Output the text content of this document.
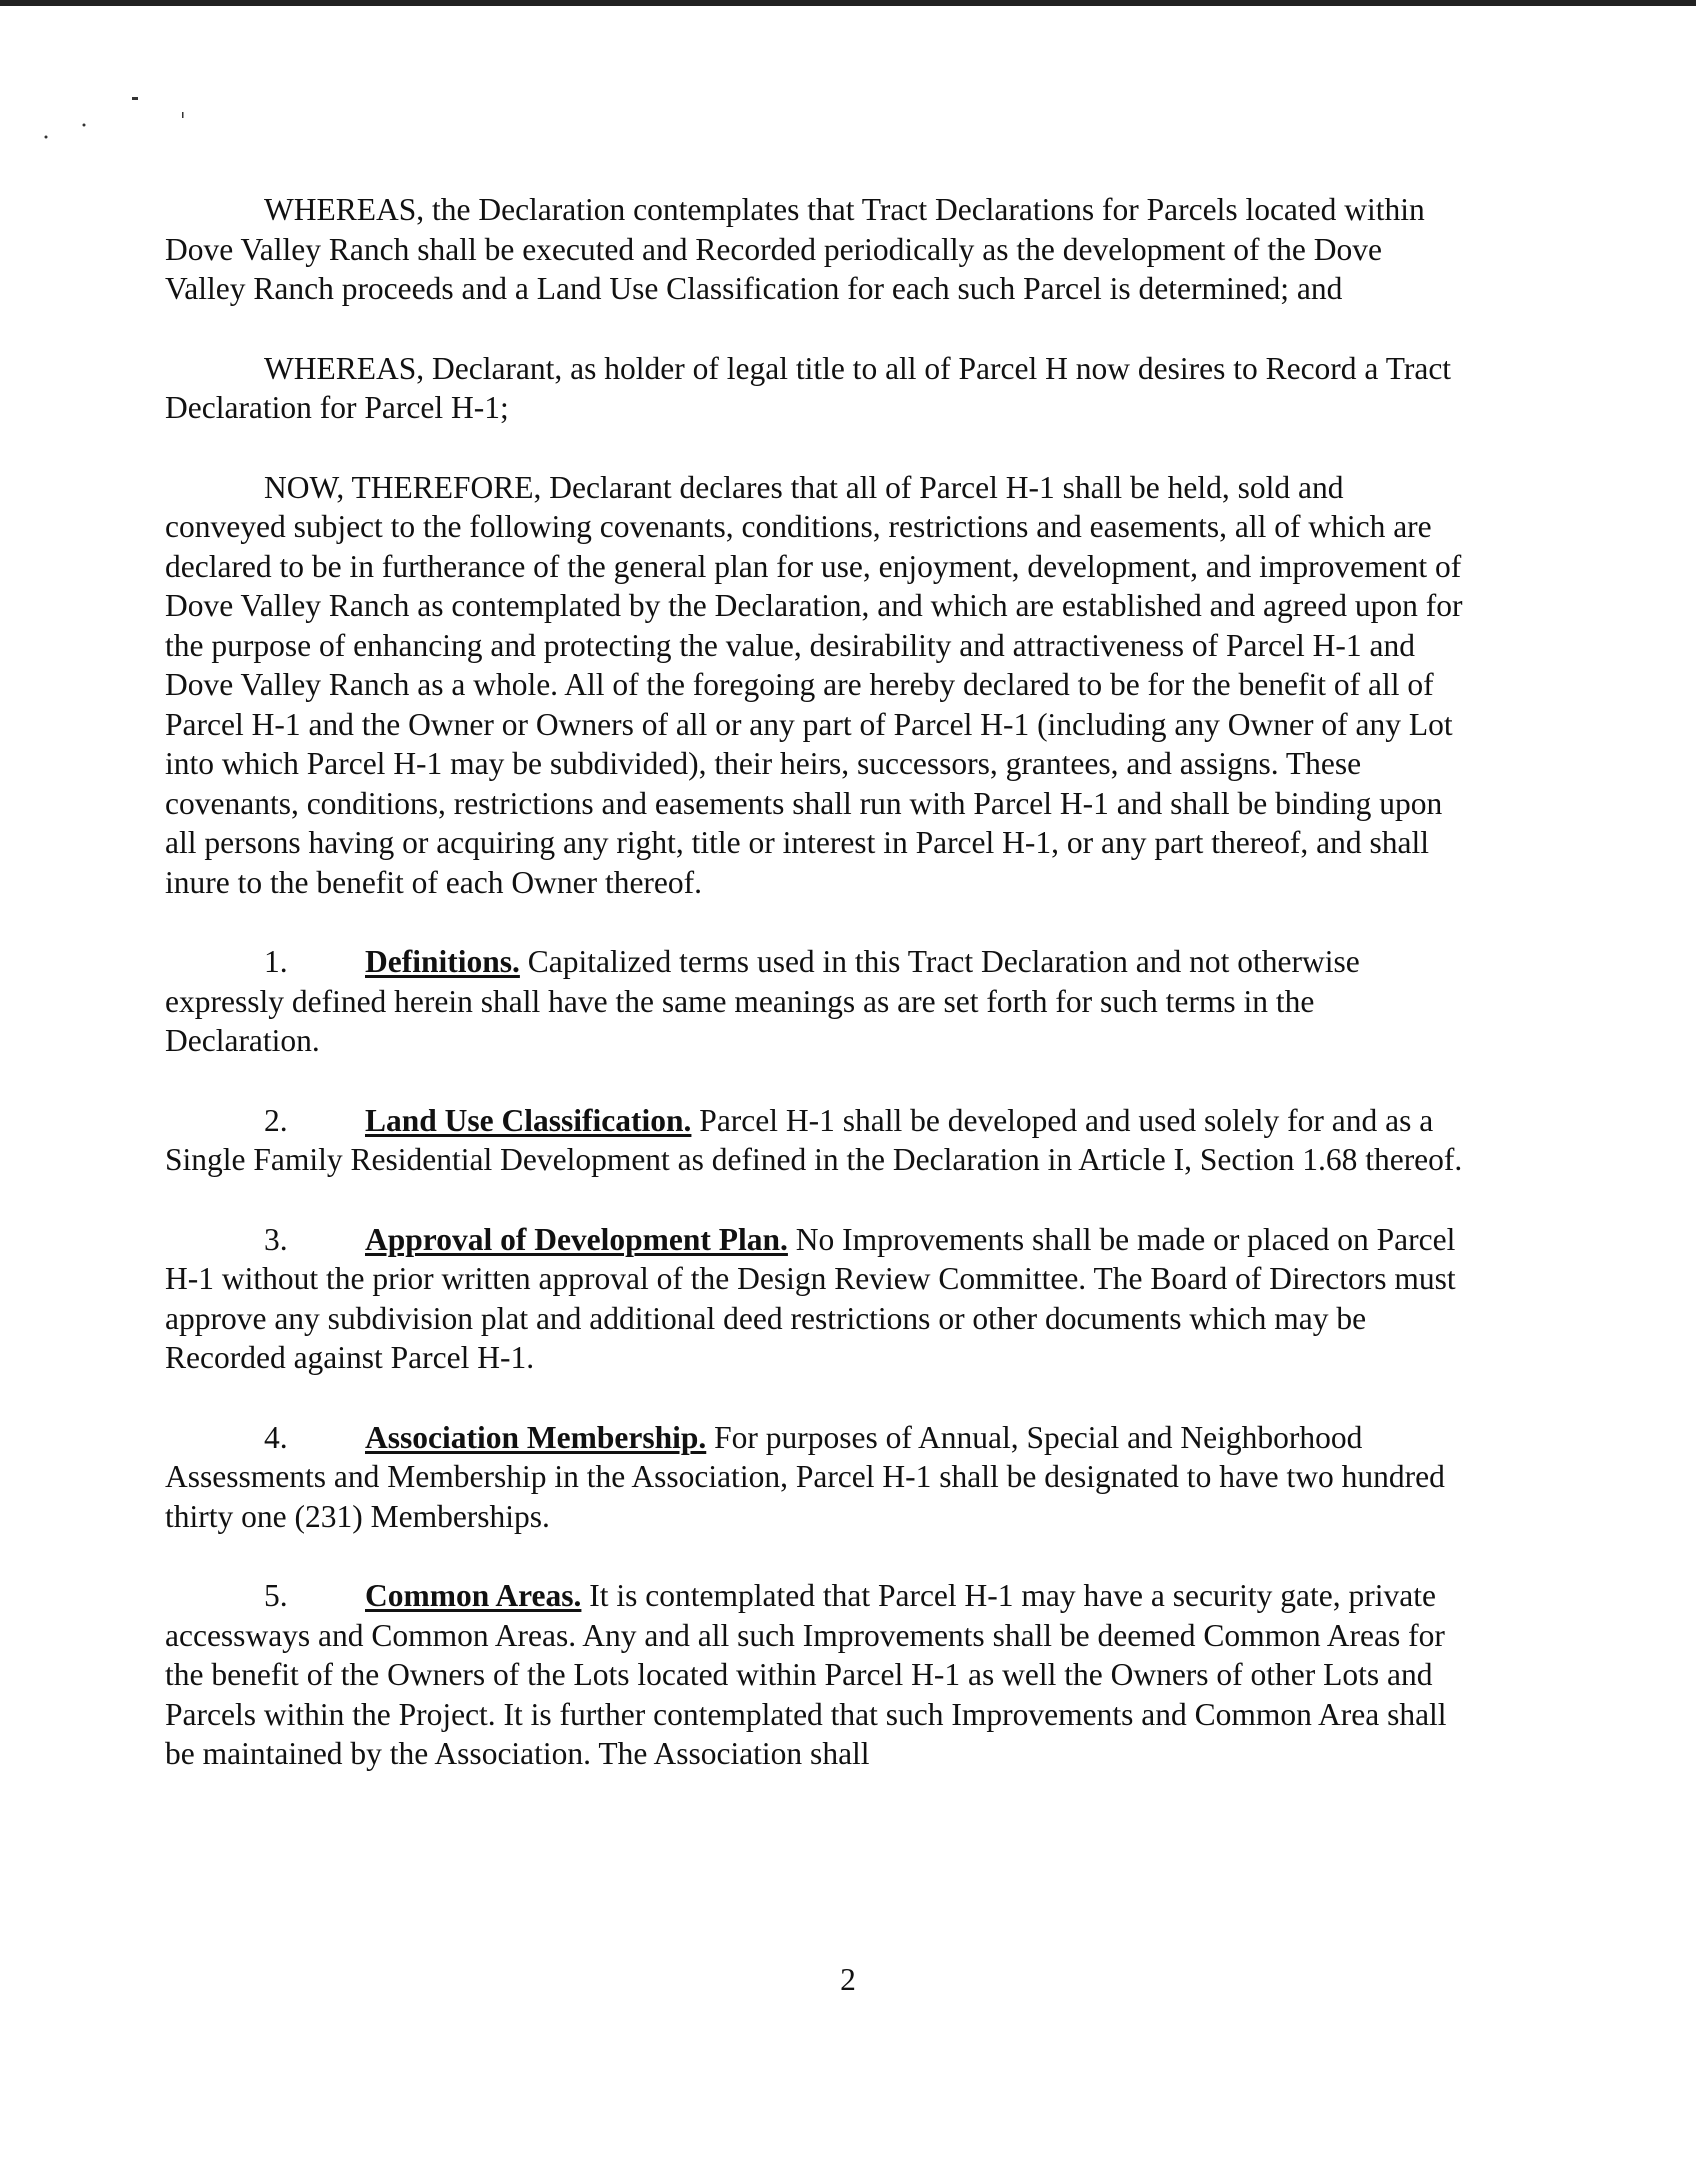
WHEREAS, the Declaration contemplates that Tract Declarations for Parcels located within Dove Valley Ranch shall be executed and Recorded periodically as the development of the Dove Valley Ranch proceeds and a Land Use Classification for each such Parcel is determined; and

WHEREAS, Declarant, as holder of legal title to all of Parcel H now desires to Record a Tract Declaration for Parcel H-1;

NOW, THEREFORE, Declarant declares that all of Parcel H-1 shall be held, sold and conveyed subject to the following covenants, conditions, restrictions and easements, all of which are declared to be in furtherance of the general plan for use, enjoyment, development, and improvement of Dove Valley Ranch as contemplated by the Declaration, and which are established and agreed upon for the purpose of enhancing and protecting the value, desirability and attractiveness of Parcel H-1 and Dove Valley Ranch as a whole. All of the foregoing are hereby declared to be for the benefit of all of Parcel H-1 and the Owner or Owners of all or any part of Parcel H-1 (including any Owner of any Lot into which Parcel H-1 may be subdivided), their heirs, successors, grantees, and assigns. These covenants, conditions, restrictions and easements shall run with Parcel H-1 and shall be binding upon all persons having or acquiring any right, title or interest in Parcel H-1, or any part thereof, and shall inure to the benefit of each Owner thereof.

1. Definitions. Capitalized terms used in this Tract Declaration and not otherwise expressly defined herein shall have the same meanings as are set forth for such terms in the Declaration.

2. Land Use Classification. Parcel H-1 shall be developed and used solely for and as a Single Family Residential Development as defined in the Declaration in Article I, Section 1.68 thereof.

3. Approval of Development Plan. No Improvements shall be made or placed on Parcel H-1 without the prior written approval of the Design Review Committee. The Board of Directors must approve any subdivision plat and additional deed restrictions or other documents which may be Recorded against Parcel H-1.

4. Association Membership. For purposes of Annual, Special and Neighborhood Assessments and Membership in the Association, Parcel H-1 shall be designated to have two hundred thirty one (231) Memberships.

5. Common Areas. It is contemplated that Parcel H-1 may have a security gate, private accessways and Common Areas. Any and all such Improvements shall be deemed Common Areas for the benefit of the Owners of the Lots located within Parcel H-1 as well the Owners of other Lots and Parcels within the Project. It is further contemplated that such Improvements and Common Area shall be maintained by the Association. The Association shall

2
